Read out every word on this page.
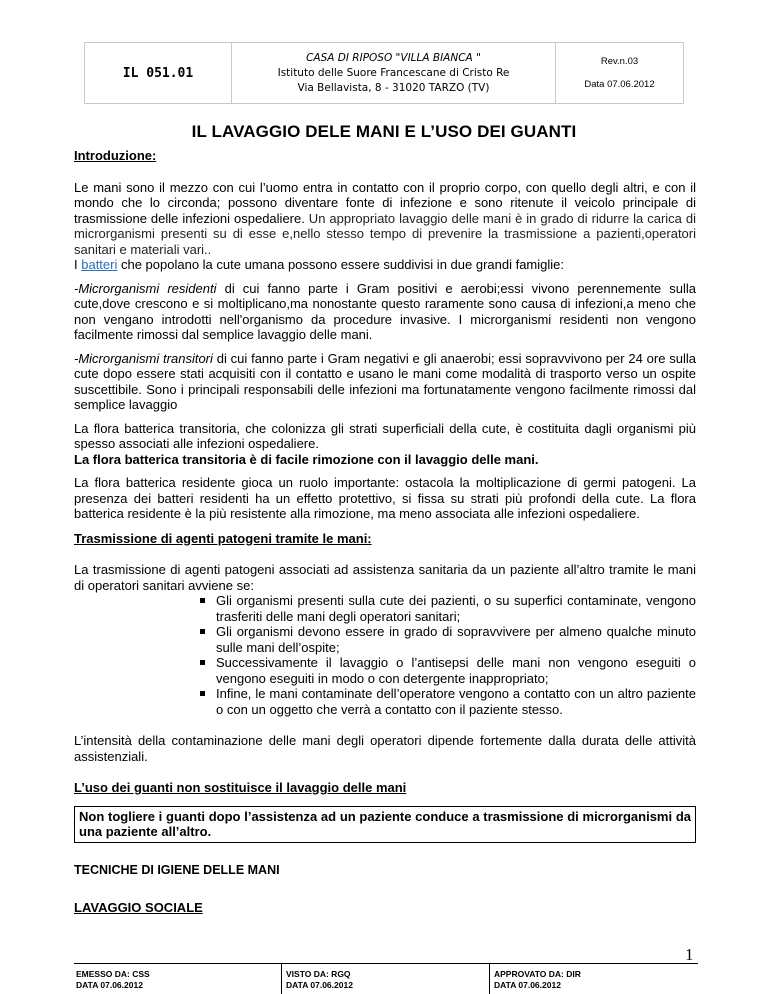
IL 051.01
CASA DI RIPOSO "VILLA BIANCA "
Istituto delle Suore Francescane di Cristo Re
Via Bellavista, 8 - 31020 TARZO (TV)
Rev.n.03
Data 07.06.2012
IL LAVAGGIO DELE MANI E L’USO DEI GUANTI

Introduzione:

Le mani sono il mezzo con cui l’uomo entra in contatto con il proprio corpo, con quello degli altri, e con il mondo che lo circonda; possono diventare fonte di infezione e sono ritenute il veicolo principale di trasmissione delle infezioni ospedaliere. Un appropriato lavaggio delle mani è in grado di ridurre la carica di microrganismi presenti su di esse e,nello stesso tempo di prevenire la trasmissione a pazienti,operatori sanitari e materiali vari..

I batteri che popolano la cute umana possono essere suddivisi in due grandi famiglie:

-Microrganismi residenti di cui fanno parte i Gram positivi e aerobi;essi vivono perennemente sulla cute,dove crescono e si moltiplicano,ma nonostante questo raramente sono causa di infezioni,a meno che non vengano introdotti nell'organismo da procedure invasive. I microrganismi residenti non vengono facilmente rimossi dal semplice lavaggio delle mani.

-Microrganismi transitori di cui fanno parte i Gram negativi e gli anaerobi; essi sopravvivono per 24 ore sulla cute dopo essere stati acquisiti con il contatto e usano le mani come modalità di trasporto verso un ospite suscettibile. Sono i principali responsabili delle infezioni ma fortunatamente vengono facilmente rimossi dal semplice lavaggio

La flora batterica transitoria, che colonizza gli strati superficiali della cute, è costituita dagli organismi più spesso associati alle infezioni ospedaliere.

La flora batterica transitoria è di facile rimozione con il lavaggio delle mani.

La flora batterica residente gioca un ruolo importante: ostacola la moltiplicazione di germi patogeni. La presenza dei batteri residenti ha un effetto protettivo, si fissa su strati più profondi della cute. La flora batterica residente è la più resistente alla rimozione, ma meno associata alle infezioni ospedaliere.

Trasmissione di agenti patogeni tramite le mani:

La trasmissione di agenti patogeni associati ad assistenza sanitaria da un paziente all’altro tramite le mani di operatori sanitari avviene se:

Gli organismi presenti sulla cute dei pazienti, o su superfici contaminate, vengono trasferiti delle mani degli operatori sanitari;
Gli organismi devono essere in grado di sopravvivere per almeno qualche minuto sulle mani dell’ospite;
Successivamente il lavaggio o l’antisepsi delle mani non vengono eseguiti o vengono eseguiti in modo o con detergente inappropriato;
Infine, le mani contaminate dell’operatore vengono a contatto con un altro paziente o con un oggetto che verrà a contatto con il paziente stesso.

L’intensità della contaminazione delle mani degli operatori dipende fortemente dalla durata delle attività assistenziali.

L’uso dei guanti non sostituisce il lavaggio delle mani

Non togliere i guanti dopo l’assistenza ad un paziente conduce a trasmissione di microrganismi da una paziente all’altro.

TECNICHE DI IGIENE DELLE MANI

LAVAGGIO SOCIALE

1
EMESSO DA: CSS
DATA 07.06.2012
VISTO DA: RGQ
DATA 07.06.2012
APPROVATO DA: DIR
DATA 07.06.2012
